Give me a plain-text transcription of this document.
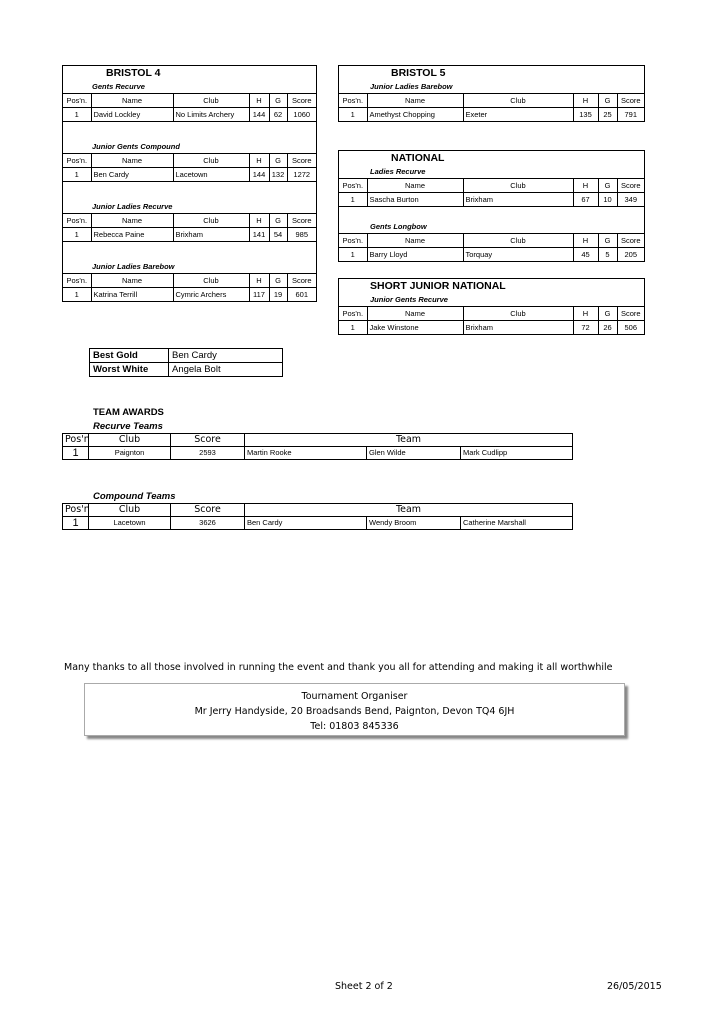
BRISTOL 4
Gents Recurve
Pos'n.	Name	Club	H	G	Score
1	David Lockley	No Limits Archery	144	62	1060
Junior Gents Compound
Pos'n.	Name	Club	H	G	Score
1	Ben Cardy	Lacetown	144	132	1272
Junior Ladies Recurve
Pos'n.	Name	Club	H	G	Score
1	Rebecca Paine	Brixham	141	54	985
Junior Ladies Barebow
Pos'n.	Name	Club	H	G	Score
1	Katrina Terrill	Cymric Archers	117	19	601
BRISTOL 5
Junior Ladies Barebow
Pos'n.	Name	Club	H	G	Score
1	Amethyst Chopping	Exeter	135	25	791
NATIONAL
Ladies Recurve
Pos'n.	Name	Club	H	G	Score
1	Sascha Burton	Brixham	67	10	349
Gents Longbow
Pos'n.	Name	Club	H	G	Score
1	Barry Lloyd	Torquay	45	5	205
SHORT JUNIOR NATIONAL
Junior Gents Recurve
Pos'n.	Name	Club	H	G	Score
1	Jake Winstone	Brixham	72	26	506
Best Gold	Ben Cardy
Worst White	Angela Bolt
TEAM AWARDS
Recurve Teams
Pos'n	Club	Score	Team		
1	Paignton	2593	Martin Rooke	Glen Wilde	Mark Cudlipp
Compound Teams
Pos'n	Club	Score	Team		
1	Lacetown	3626	Ben Cardy	Wendy Broom	Catherine Marshall
Many thanks to all those involved in running the event and thank you all for attending and making it all worthwhile
Tournament Organiser
Mr Jerry Handyside, 20 Broadsands Bend, Paignton, Devon TQ4 6JH
Tel: 01803 845336
Sheet 2 of 2	26/05/2015
